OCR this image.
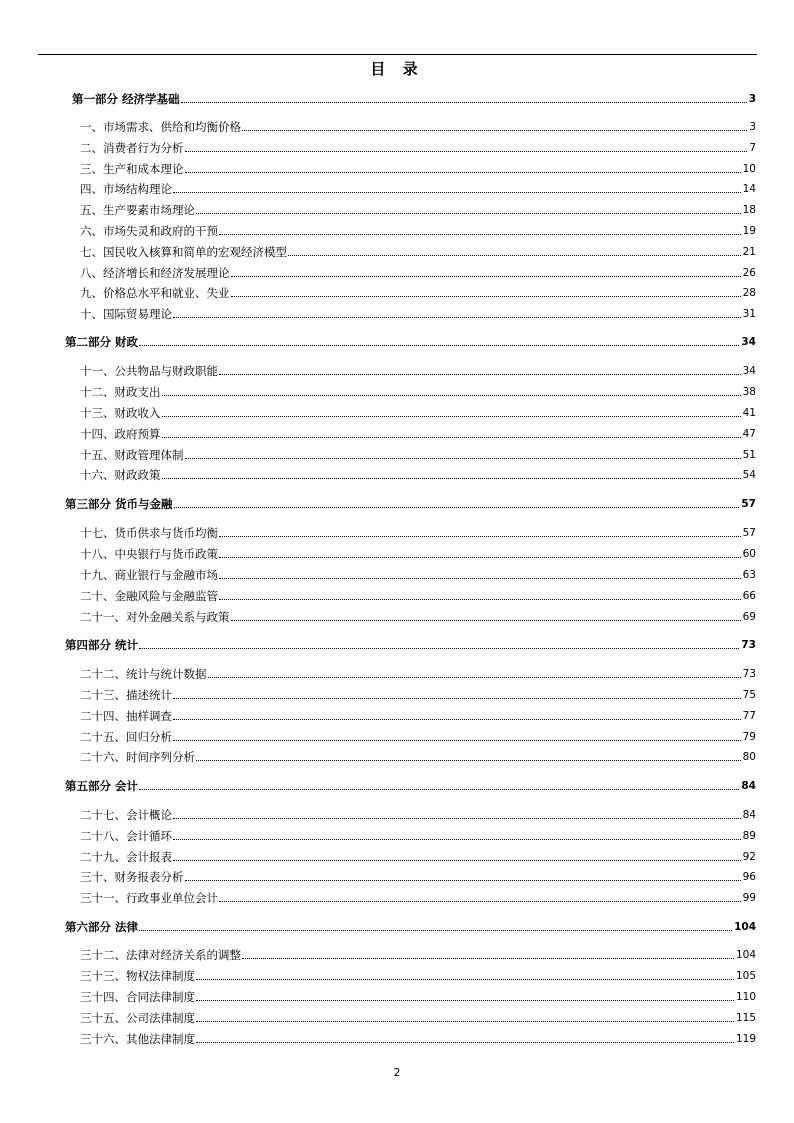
目 录
第一部分 经济学基础	3
一、市场需求、供给和均衡价格	3
二、消费者行为分析	7
三、生产和成本理论	10
四、市场结构理论	14
五、生产要素市场理论	18
六、市场失灵和政府的干预	19
七、国民收入核算和简单的宏观经济模型	21
八、经济增长和经济发展理论	26
九、价格总水平和就业、失业	28
十、国际贸易理论	31
第二部分 财政	34
十一、公共物品与财政职能	34
十二、财政支出	38
十三、财政收入	41
十四、政府预算	47
十五、财政管理体制	51
十六、财政政策	54
第三部分 货币与金融	57
十七、货币供求与货币均衡	57
十八、中央银行与货币政策	60
十九、商业银行与金融市场	63
二十、金融风险与金融监管	66
二十一、对外金融关系与政策	69
第四部分 统计	73
二十二、统计与统计数据	73
二十三、描述统计	75
二十四、抽样调查	77
二十五、回归分析	79
二十六、时间序列分析	80
第五部分 会计	84
二十七、会计概论	84
二十八、会计循环	89
二十九、会计报表	92
三十、财务报表分析	96
三十一、行政事业单位会计	99
第六部分 法律	104
三十二、法律对经济关系的调整	104
三十三、物权法律制度	105
三十四、合同法律制度	110
三十五、公司法律制度	115
三十六、其他法律制度	119
2
